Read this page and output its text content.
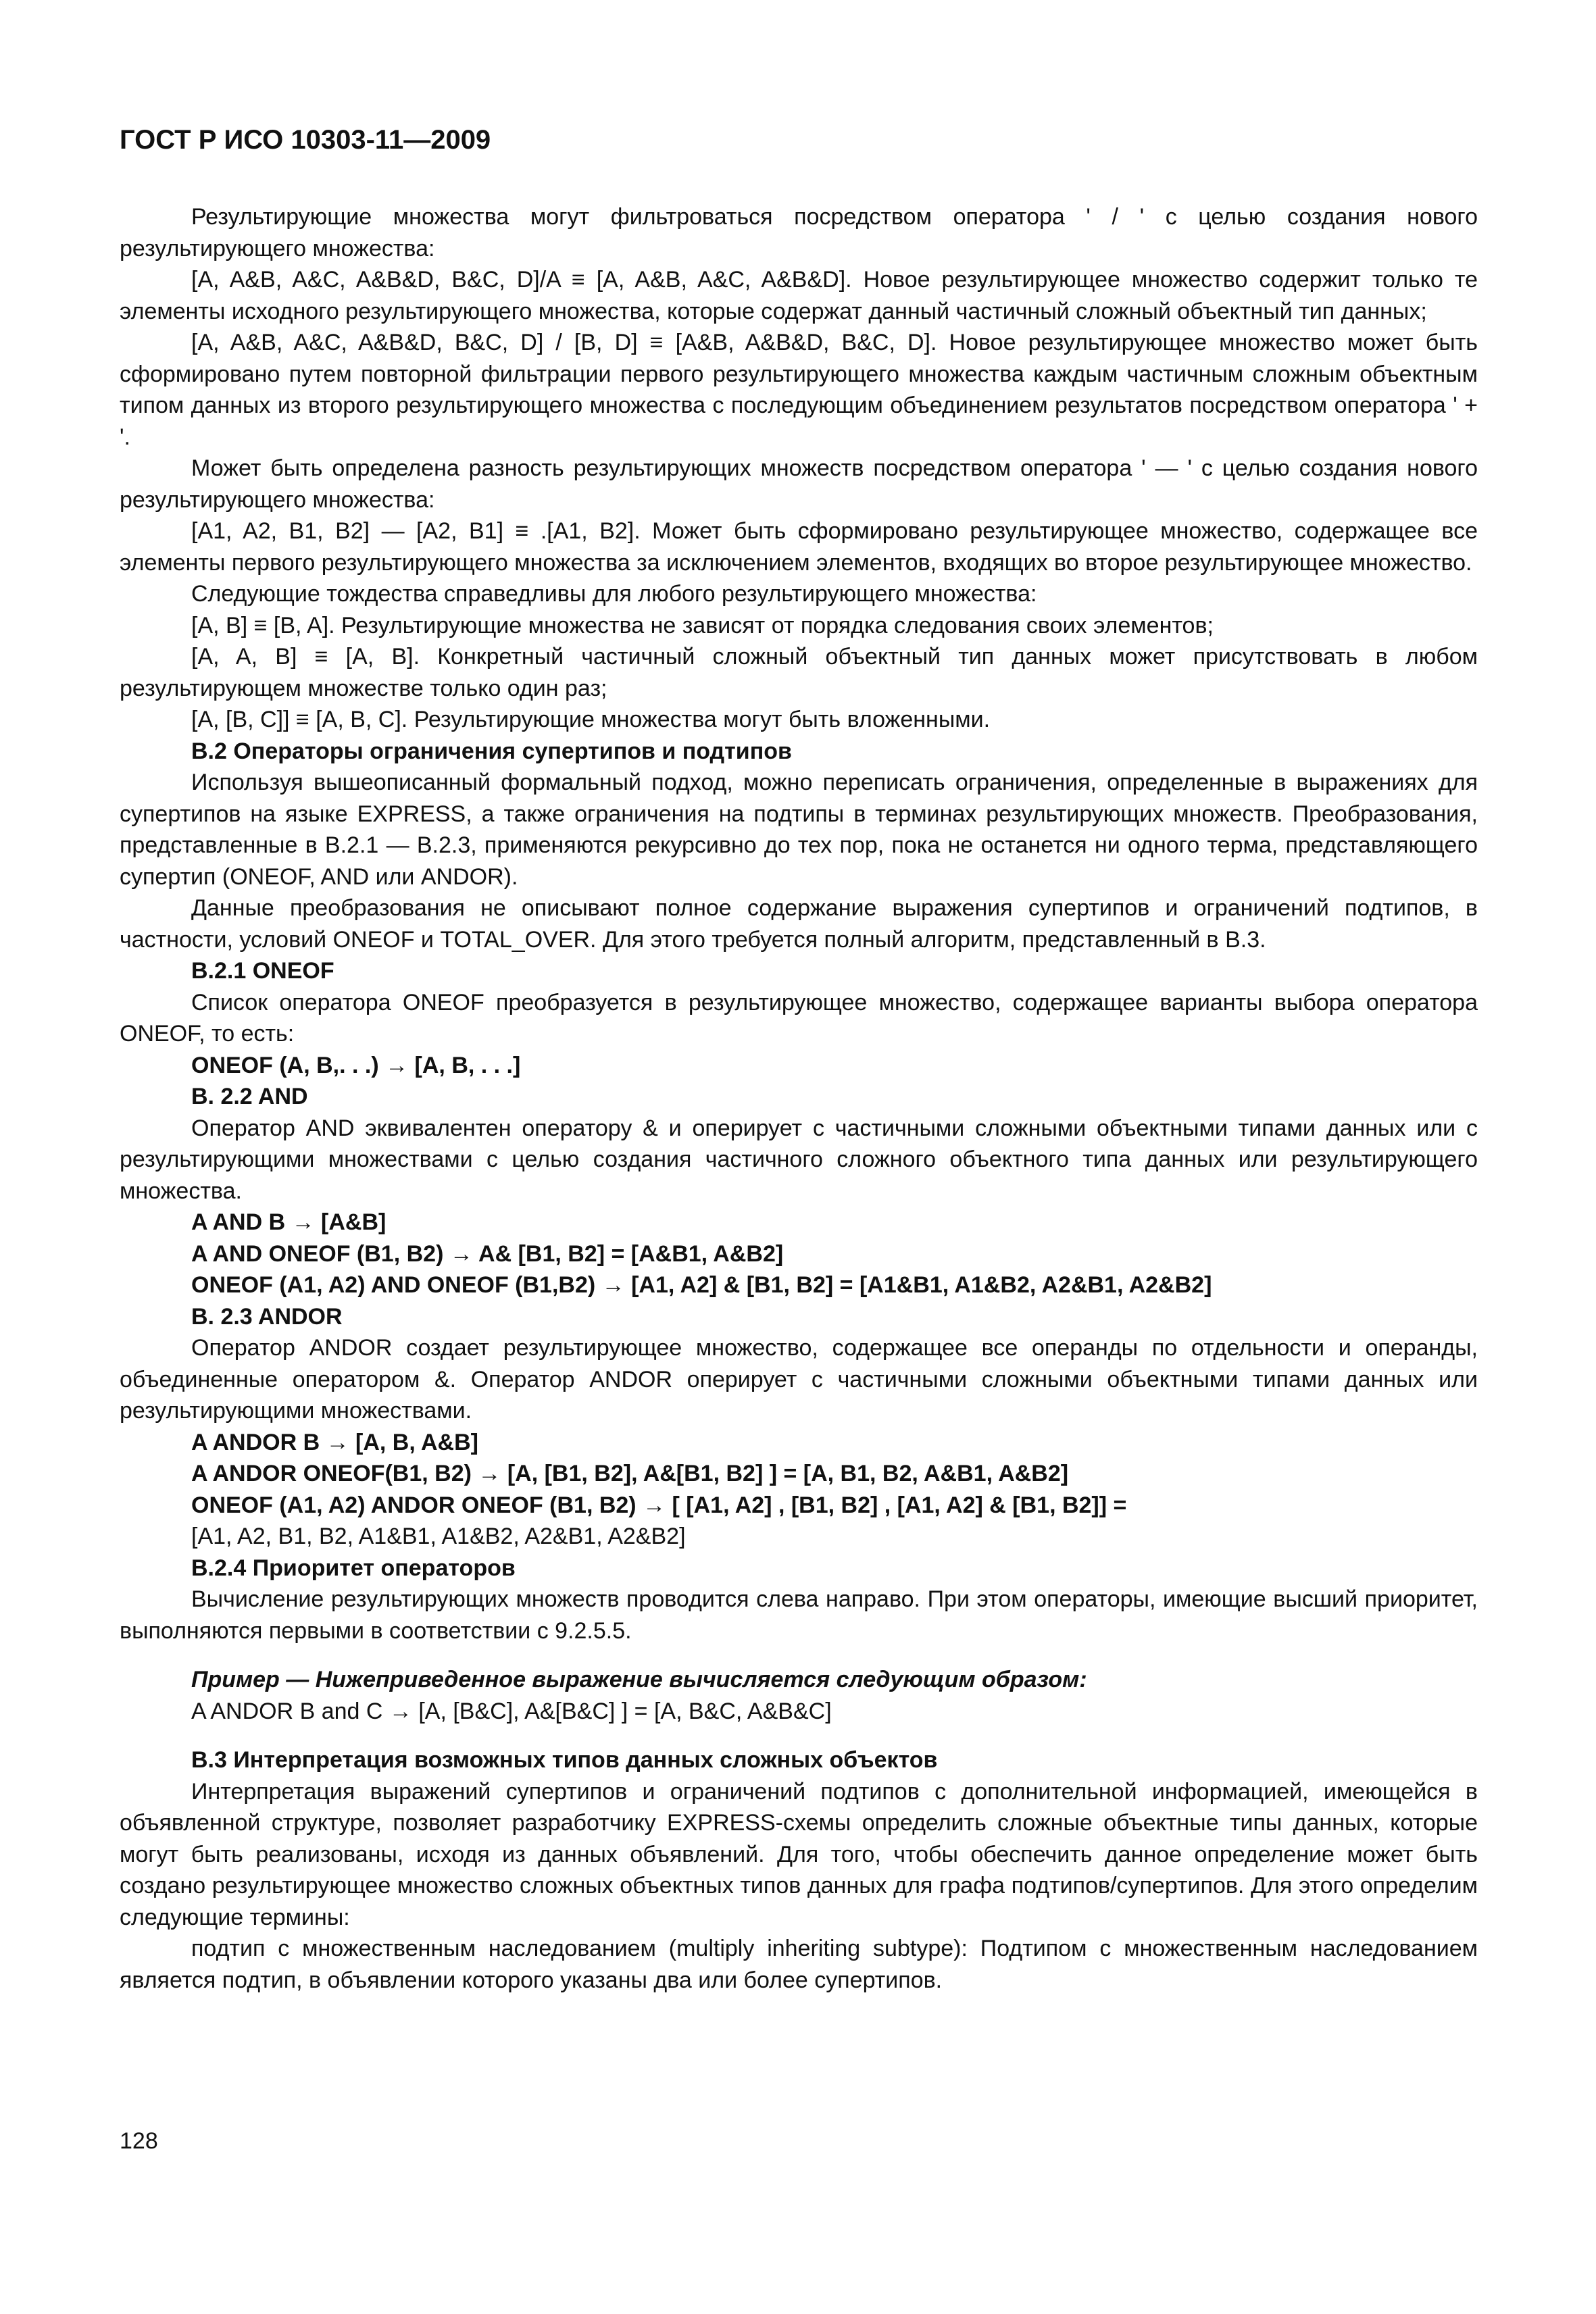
ГОСТ Р ИСО 10303-11—2009

Результирующие множества могут фильтроваться посредством оператора ' / ' с целью создания нового результирующего множества:

[A, A&B, A&C, A&B&D, B&C, D]/A ≡ [A, A&B, A&C, A&B&D]. Новое результирующее множество содержит только те элементы исходного результирующего множества, которые содержат данный частичный сложный объектный тип данных;

[A, A&B, A&C, A&B&D, B&C, D] / [B, D] ≡ [A&B, A&B&D, B&C, D]. Новое результирующее множество может быть сформировано путем повторной фильтрации первого результирующего множества каждым частичным сложным объектным типом данных из второго результирующего множества с последующим объединением результатов посредством оператора ' + '.

Может быть определена разность результирующих множеств посредством оператора ' — ' с целью создания нового результирующего множества:

[A1, A2, B1, B2] — [A2, B1] ≡ .[A1, B2]. Может быть сформировано результирующее множество, содержащее все элементы первого результирующего множества за исключением элементов, входящих во второе результирующее множество.

Следующие тождества справедливы для любого результирующего множества:

[A, B] ≡ [B, A]. Результирующие множества не зависят от порядка следования своих элементов;

[A, A, B] ≡ [A, B]. Конкретный частичный сложный объектный тип данных может присутствовать в любом результирующем множестве только один раз;

[A, [B, C]] ≡ [A, B, C]. Результирующие множества могут быть вложенными.

B.2 Операторы ограничения супертипов и подтипов

Используя вышеописанный формальный подход, можно переписать ограничения, определенные в выражениях для супертипов на языке EXPRESS, а также ограничения на подтипы в терминах результирующих множеств. Преобразования, представленные в B.2.1 — B.2.3, применяются рекурсивно до тех пор, пока не останется ни одного терма, представляющего супертип (ONEOF, AND или ANDOR).

Данные преобразования не описывают полное содержание выражения супертипов и ограничений подтипов, в частности, условий ONEOF и TOTAL_OVER. Для этого требуется полный алгоритм, представленный в B.3.

B.2.1 ONEOF

Список оператора ONEOF преобразуется в результирующее множество, содержащее варианты выбора оператора ONEOF, то есть:

ONEOF (A, B,. . .) → [A, B, . . .]

B. 2.2 AND

Оператор AND эквивалентен оператору & и оперирует с частичными сложными объектными типами данных или с результирующими множествами с целью создания частичного сложного объектного типа данных или результирующего множества.

A AND B → [A&B]

A AND ONEOF (B1, B2) → A& [B1, B2] = [A&B1, A&B2]

ONEOF (A1, A2) AND ONEOF (B1,B2) → [A1, A2] & [B1, B2] = [A1&B1, A1&B2, A2&B1, A2&B2]

B. 2.3 ANDOR

Оператор ANDOR создает результирующее множество, содержащее все операнды по отдельности и операнды, объединенные оператором &. Оператор ANDOR оперирует с частичными сложными объектными типами данных или результирующими множествами.

A ANDOR B → [A, B, A&B]

A ANDOR ONEOF(B1, B2) → [A, [B1, B2], A&[B1, B2] ] = [A, B1, B2, A&B1, A&B2]

ONEOF (A1, A2) ANDOR ONEOF (B1, B2) → [ [A1, A2] , [B1, B2] , [A1, A2] & [B1, B2]] =

[A1, A2, B1, B2, A1&B1, A1&B2, A2&B1, A2&B2]

B.2.4 Приоритет операторов

Вычисление результирующих множеств проводится слева направо. При этом операторы, имеющие высший приоритет, выполняются первыми в соответствии с 9.2.5.5.

Пример — Нижеприведенное выражение вычисляется следующим образом:

A ANDOR B and C → [A, [B&C], A&[B&C] ] = [A, B&C, A&B&C]

B.3 Интерпретация возможных типов данных сложных объектов

Интерпретация выражений супертипов и ограничений подтипов с дополнительной информацией, имеющейся в объявленной структуре, позволяет разработчику EXPRESS-схемы определить сложные объектные типы данных, которые могут быть реализованы, исходя из данных объявлений. Для того, чтобы обеспечить данное определение может быть создано результирующее множество сложных объектных типов данных для графа подтипов/супертипов. Для этого определим следующие термины:

подтип с множественным наследованием (multiply inheriting subtype): Подтипом с множественным наследованием является подтип, в объявлении которого указаны два или более супертипов.

128
